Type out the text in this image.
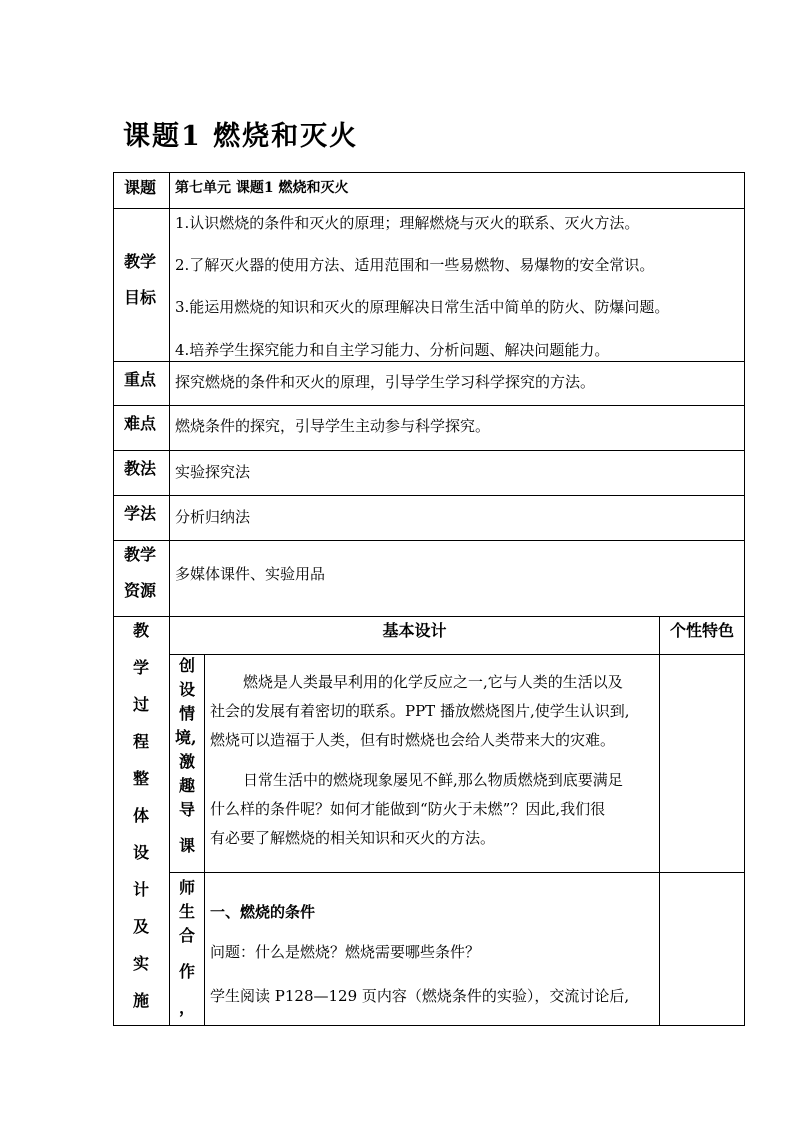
课题1 燃烧和灭火
课题 第七单元 课题1 燃烧和灭火
教学
目标
1.认识燃烧的条件和灭火的原理；理解燃烧与灭火的联系、灭火方法。
2.了解灭火器的使用方法、适用范围和一些易燃物、易爆物的安全常识。
3.能运用燃烧的知识和灭火的原理解决日常生活中简单的防火、防爆问题。
4.培养学生探究能力和自主学习能力、分析问题、解决问题能力。
重点 探究燃烧的条件和灭火的原理，引导学生学习科学探究的方法。
难点 燃烧条件的探究，引导学生主动参与科学探究。
教法 实验探究法
学法 分析归纳法
教学
资源
多媒体课件、实验用品
教
学
过
程
整
体
设
计
及
实
施
基本设计	个性特色
创
设
情
境,
激
趣
导
课
燃烧是人类最早利用的化学反应之一,它与人类的生活以及
社会的发展有着密切的联系。PPT 播放燃烧图片,使学生认识到,
燃烧可以造福于人类，但有时燃烧也会给人类带来大的灾难。
日常生活中的燃烧现象屡见不鲜,那么物质燃烧到底要满足
什么样的条件呢？如何才能做到“防火于未燃”？因此,我们很
有必要了解燃烧的相关知识和灭火的方法。
师
生
合
作
，
一、燃烧的条件
问题：什么是燃烧？燃烧需要哪些条件？
学生阅读 P128—129 页内容（燃烧条件的实验），交流讨论后,
